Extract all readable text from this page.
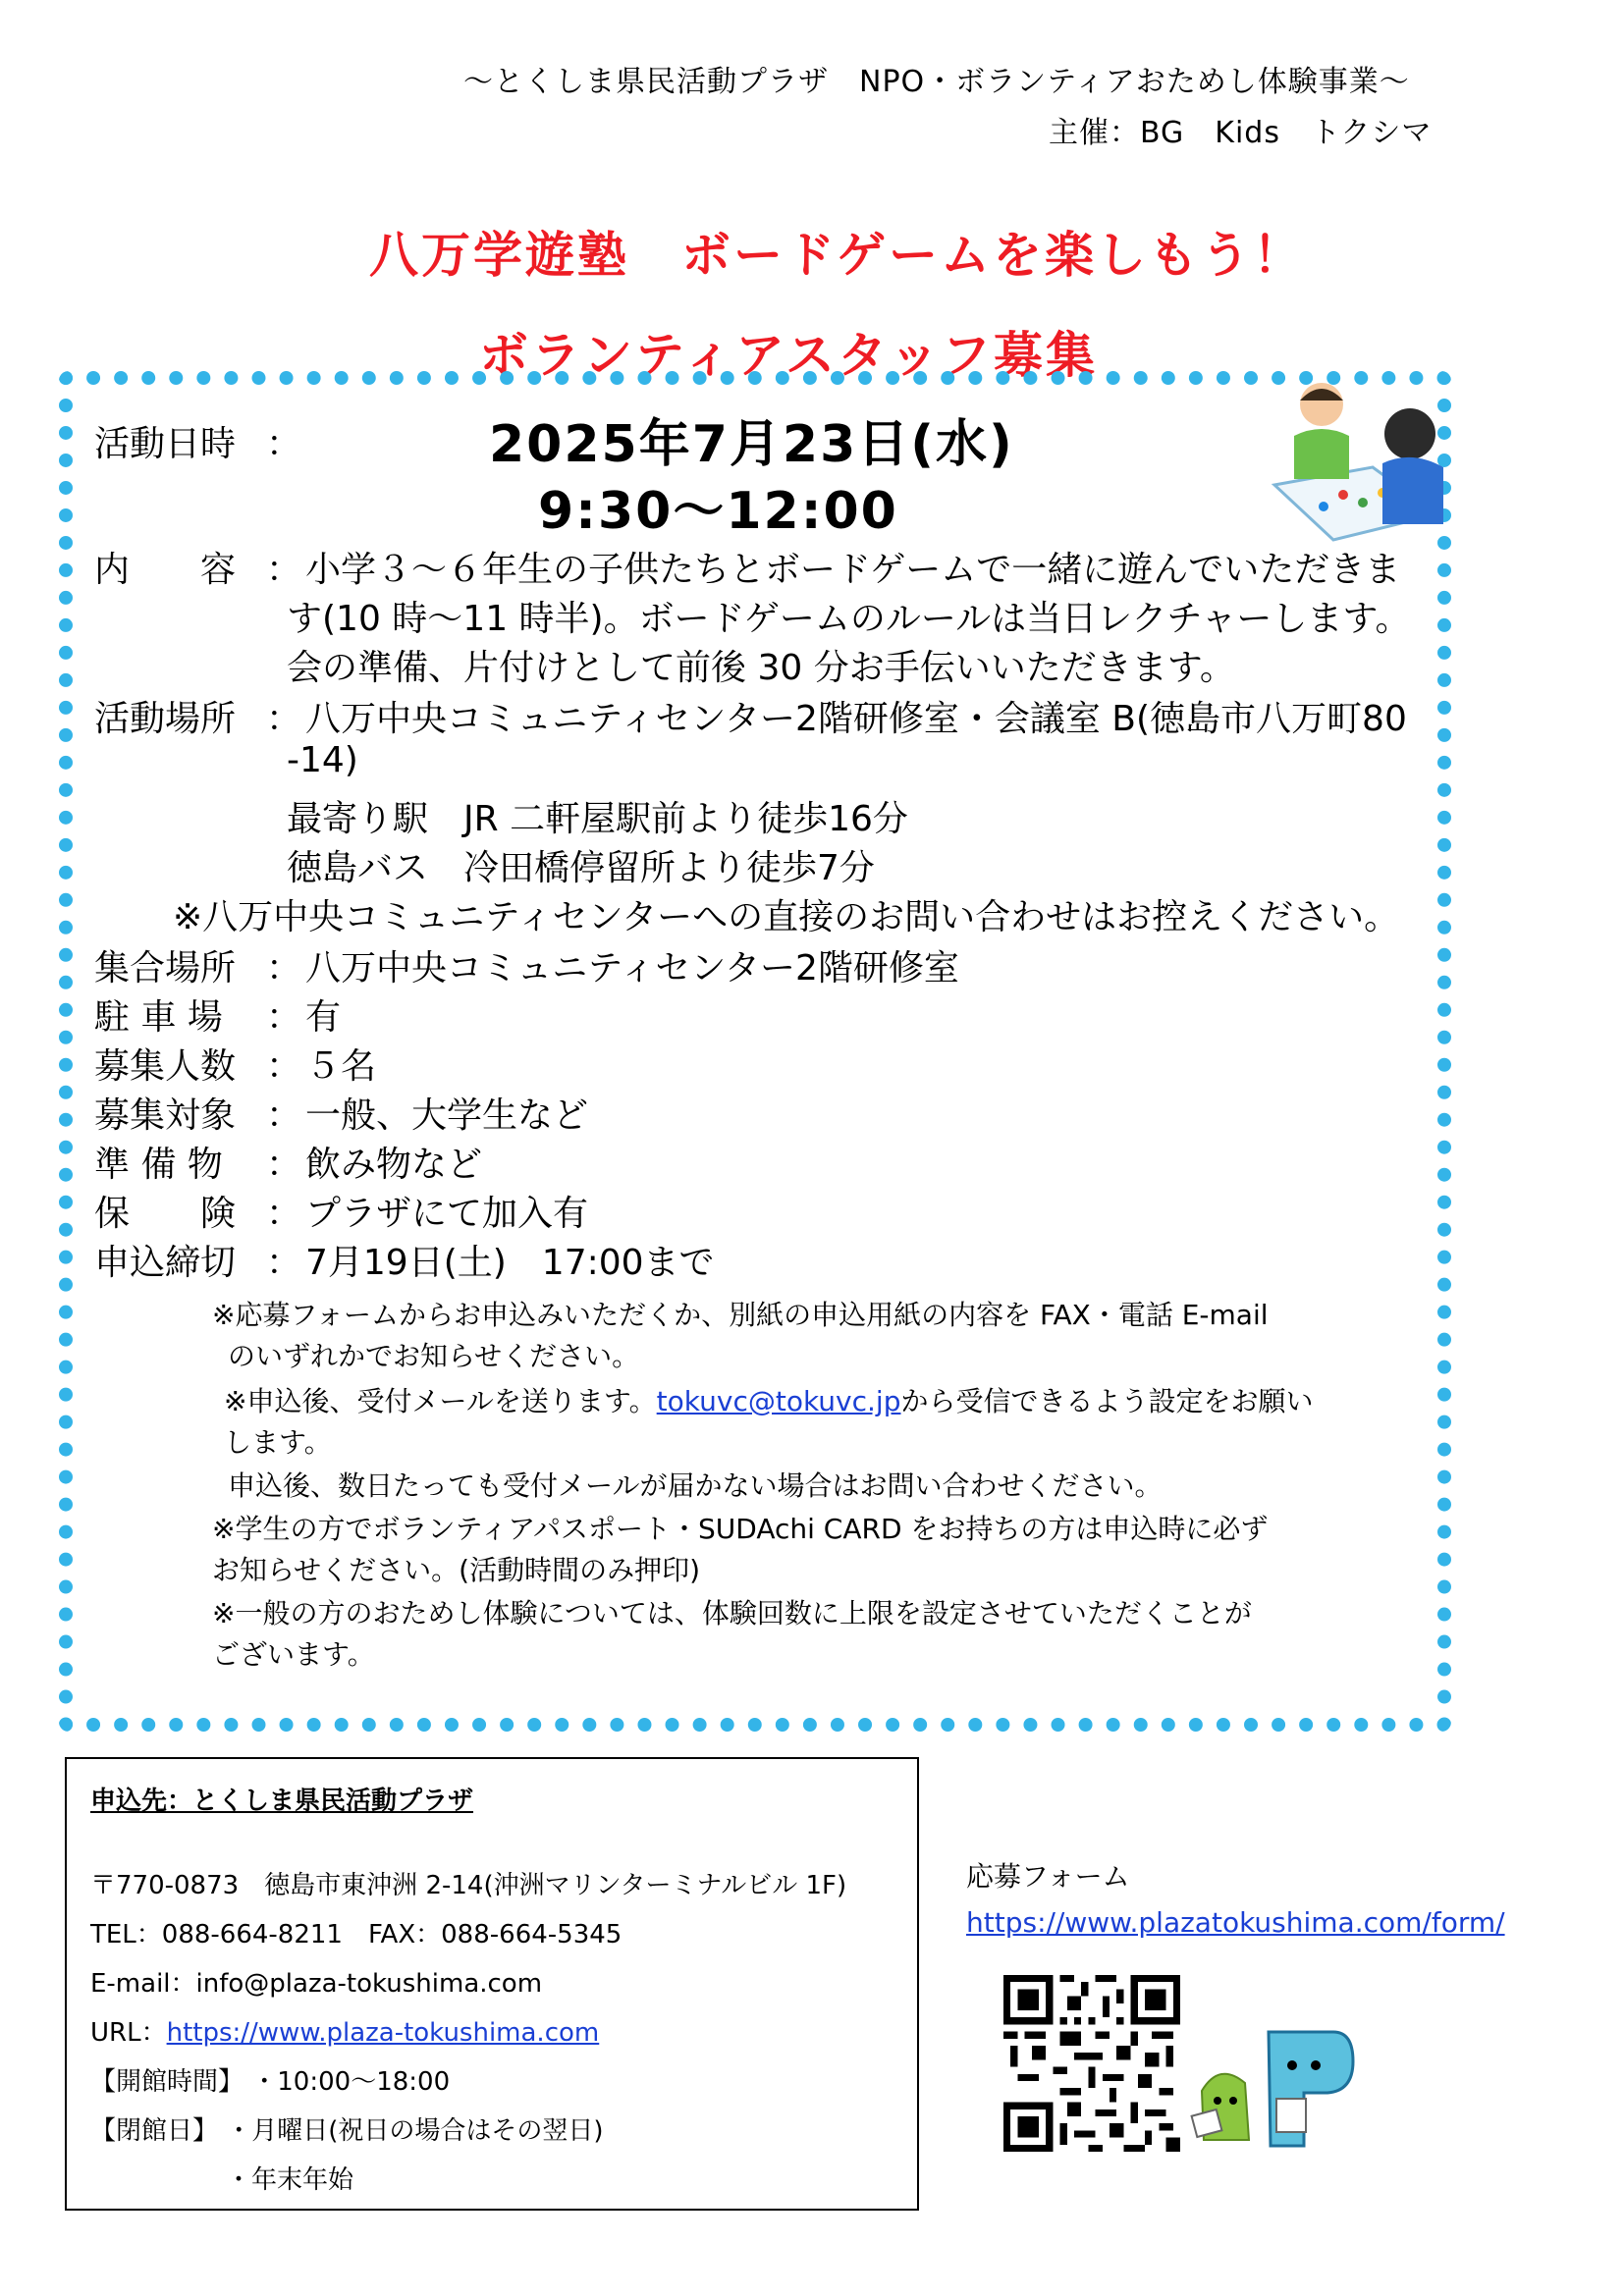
～とくしま県民活動プラザ　NPO・ボランティアおためし体験事業～
主催：BG　Kids　トクシマ
八万学遊塾　ボードゲームを楽しもう！
ボランティアスタッフ募集
活動日時 ：	2025年7月23日(水)
9:30～12:00
内　　容 ： 小学３～６年生の子供たちとボードゲームで一緒に遊んでいただきま
す(10 時～11 時半)。ボードゲームのルールは当日レクチャーします。
会の準備、片付けとして前後 30 分お手伝いいただきます。
活動場所 ： 八万中央コミュニティセンター2階研修室・会議室 B(徳島市八万町80
-14)
最寄り駅　JR 二軒屋駅前より徒歩16分
徳島バス　冷田橋停留所より徒歩7分
※八万中央コミュニティセンターへの直接のお問い合わせはお控えください。
集合場所 ： 八万中央コミュニティセンター2階研修室
駐 車 場 ： 有
募集人数 ： ５名
募集対象 ： 一般、大学生など
準 備 物 ： 飲み物など
保　　険 ： プラザにて加入有
申込締切 ： 7月19日(土)　17:00まで
※応募フォームからお申込みいただくか、別紙の申込用紙の内容を FAX・電話 E-mail
のいずれかでお知らせください。
※申込後、受付メールを送ります。tokuvc@tokuvc.jpから受信できるよう設定をお願い
します。
申込後、数日たっても受付メールが届かない場合はお問い合わせください。
※学生の方でボランティアパスポート・SUDAchi CARD をお持ちの方は申込時に必ず
お知らせください。(活動時間のみ押印)
※一般の方のおためし体験については、体験回数に上限を設定させていただくことが
ございます。
申込先：とくしま県民活動プラザ
〒770-0873　徳島市東沖洲 2-14(沖洲マリンターミナルビル 1F)
TEL：088-664-8211　FAX：088-664-5345
E-mail：info@plaza-tokushima.com
URL：https://www.plaza-tokushima.com
【開館時間】 ・10:00～18:00
【閉館日】 ・月曜日(祝日の場合はその翌日)
・年末年始
応募フォーム
https://www.plazatokushima.com/form/
